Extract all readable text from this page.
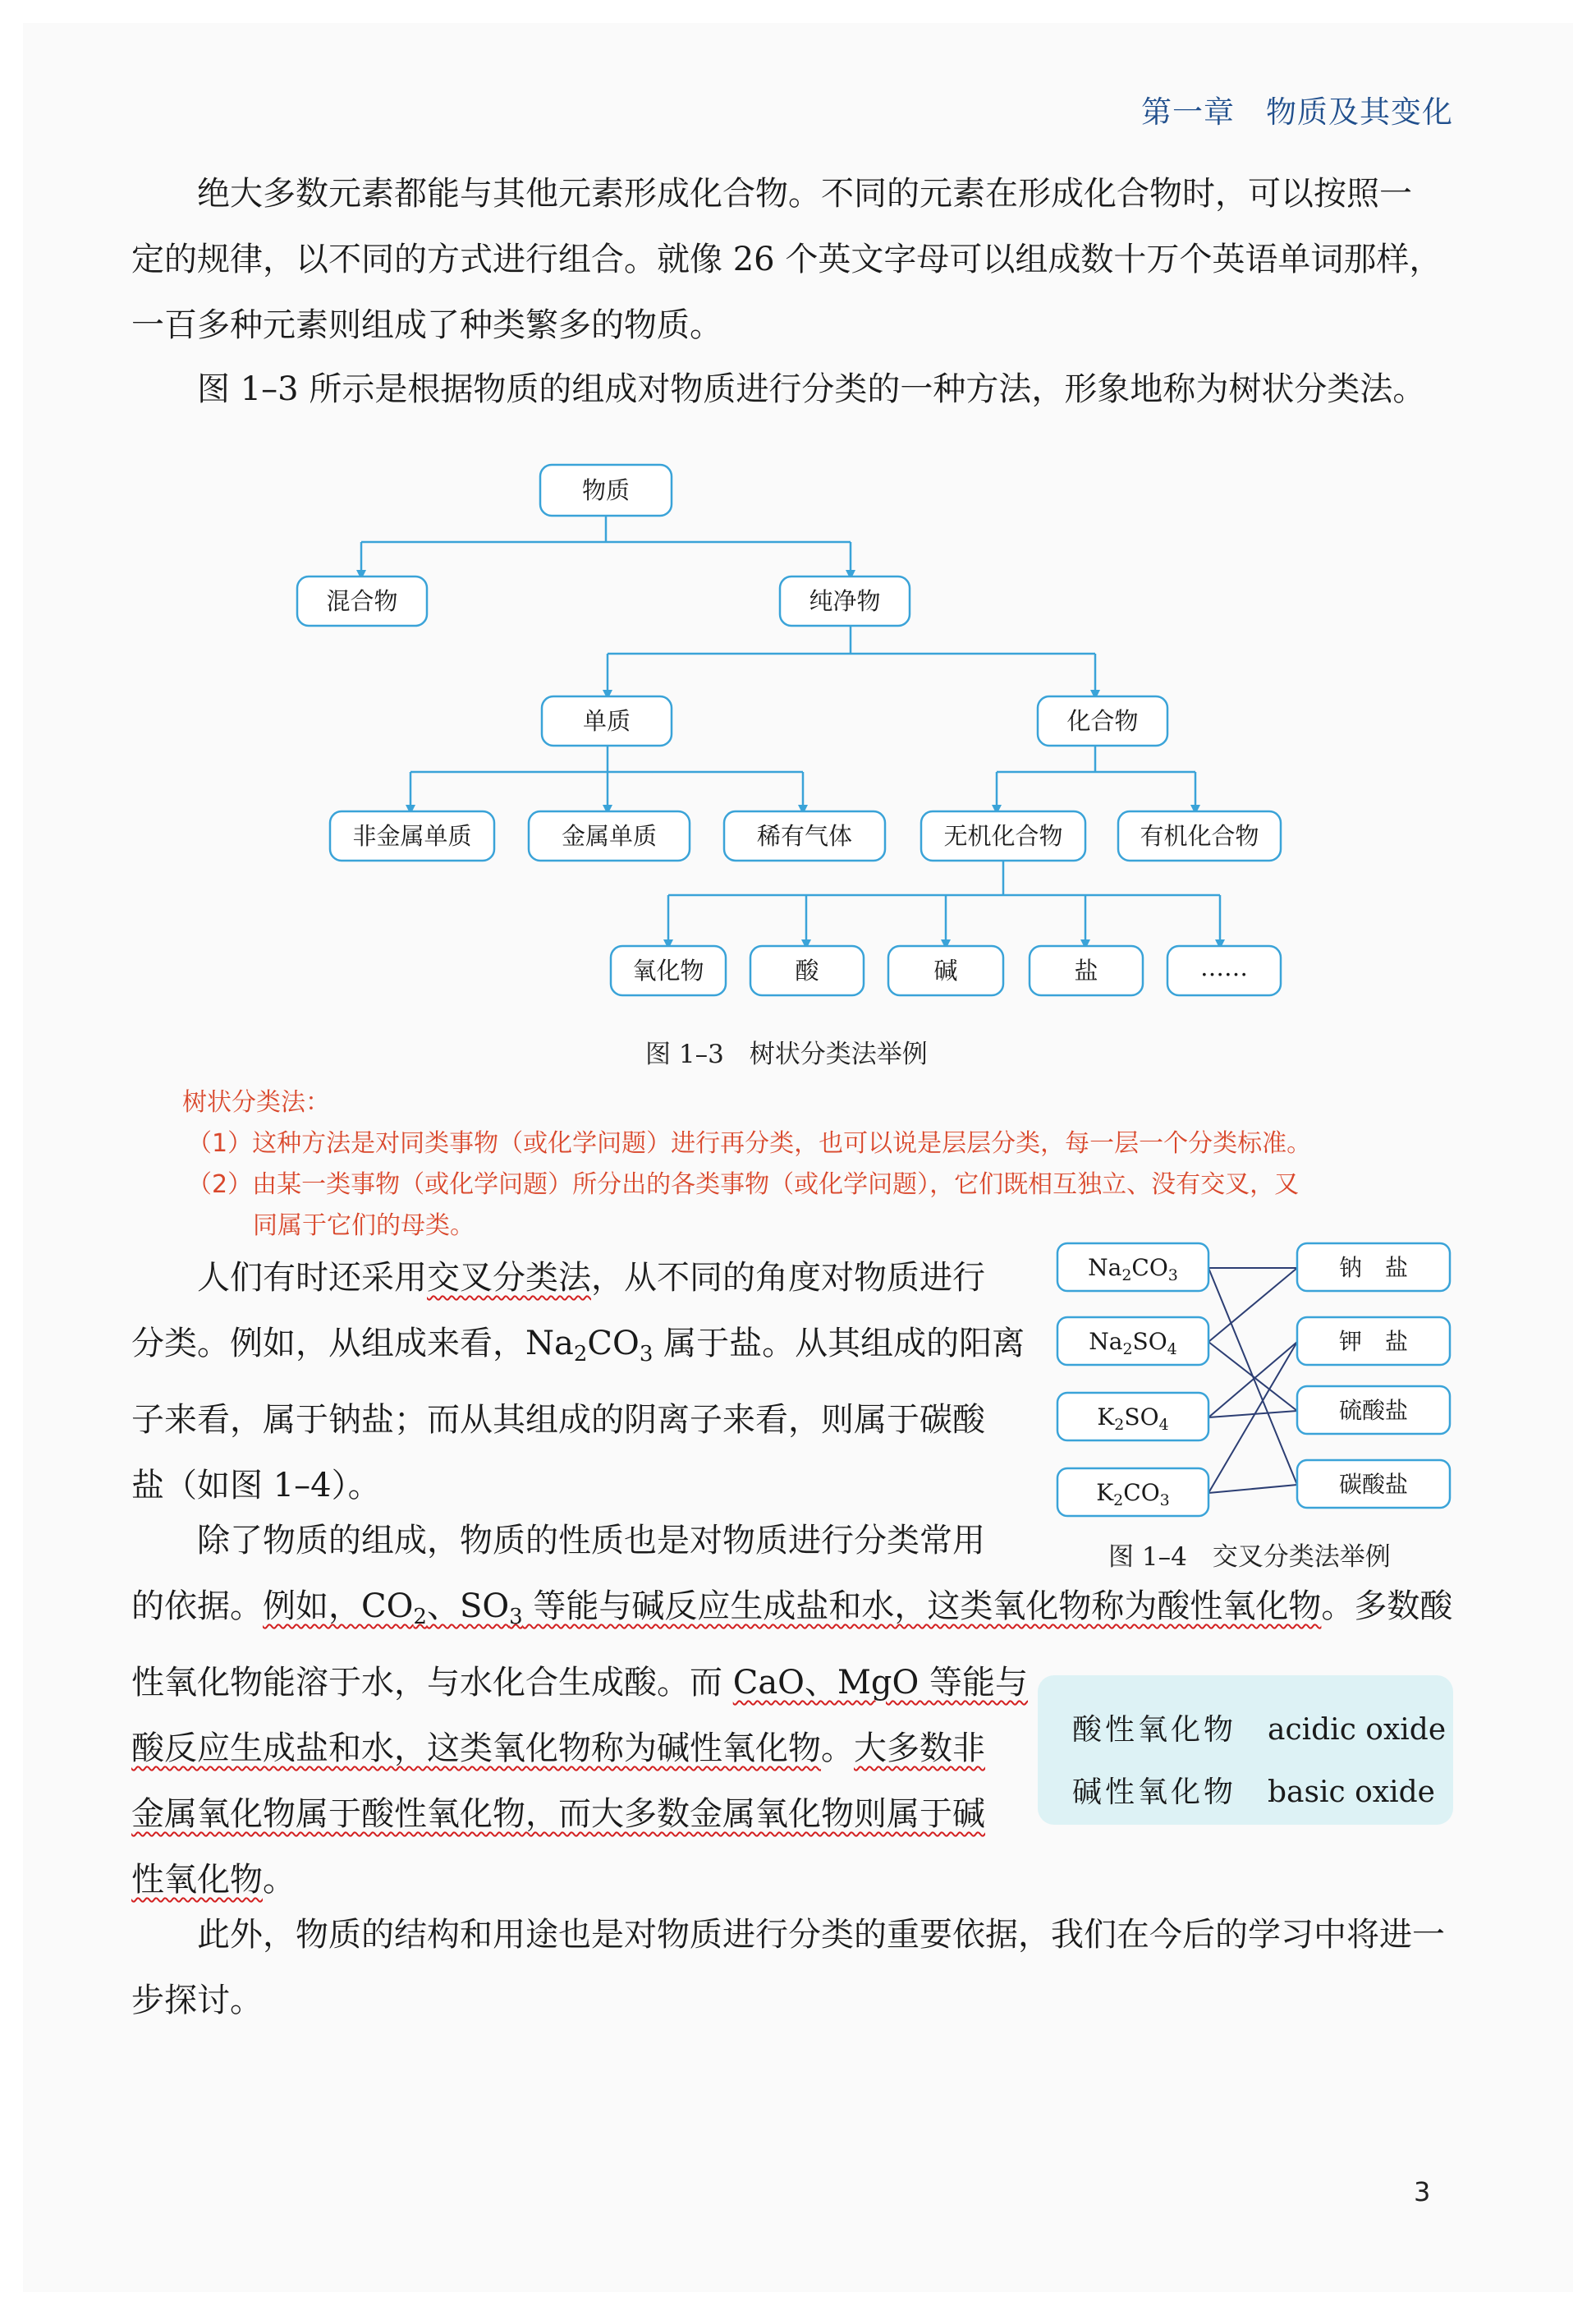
第一章　物质及其变化

绝大多数元素都能与其他元素形成化合物。不同的元素在形成化合物时，可以按照一

定的规律，以不同的方式进行组合。就像 26 个英文字母可以组成数十万个英语单词那样，

一百多种元素则组成了种类繁多的物质。

图 1–3 所示是根据物质的组成对物质进行分类的一种方法，形象地称为树状分类法。

物质
混合物	纯净物
单质	化合物
非金属单质	金属单质	稀有气体	无机化合物	有机化合物
氧化物	酸	碱	盐	……
图 1–3　树状分类法举例

树状分类法：

（1）这种方法是对同类事物（或化学问题）进行再分类，也可以说是层层分类，每一层一个分类标准。

（2）由某一类事物（或化学问题）所分出的各类事物（或化学问题），它们既相互独立、没有交叉，又

同属于它们的母类。

人们有时还采用交叉分类法，从不同的角度对物质进行

分类。例如，从组成来看，$Na_2CO_3$ 属于盐。从其组成的阳离

子来看，属于钠盐；而从其组成的阴离子来看，则属于碳酸

盐（如图 1–4）。

$Na_2CO_3$
$Na_2SO_4$
$K_2SO_4$
$K_2CO_3$
钠　盐
钾　盐
硫酸盐
碳酸盐
图 1–4　交叉分类法举例

除了物质的组成，物质的性质也是对物质进行分类常用

的依据。例如，$CO_2$、$SO_3$ 等能与碱反应生成盐和水，这类氧化物称为酸性氧化物。多数酸

性氧化物能溶于水，与水化合生成酸。而 CaO、MgO 等能与

酸反应生成盐和水，这类氧化物称为碱性氧化物。大多数非

金属氧化物属于酸性氧化物，而大多数金属氧化物则属于碱

性氧化物。

酸性氧化物 acidic oxide
碱性氧化物 basic oxide

此外，物质的结构和用途也是对物质进行分类的重要依据，我们在今后的学习中将进一

步探讨。

3
